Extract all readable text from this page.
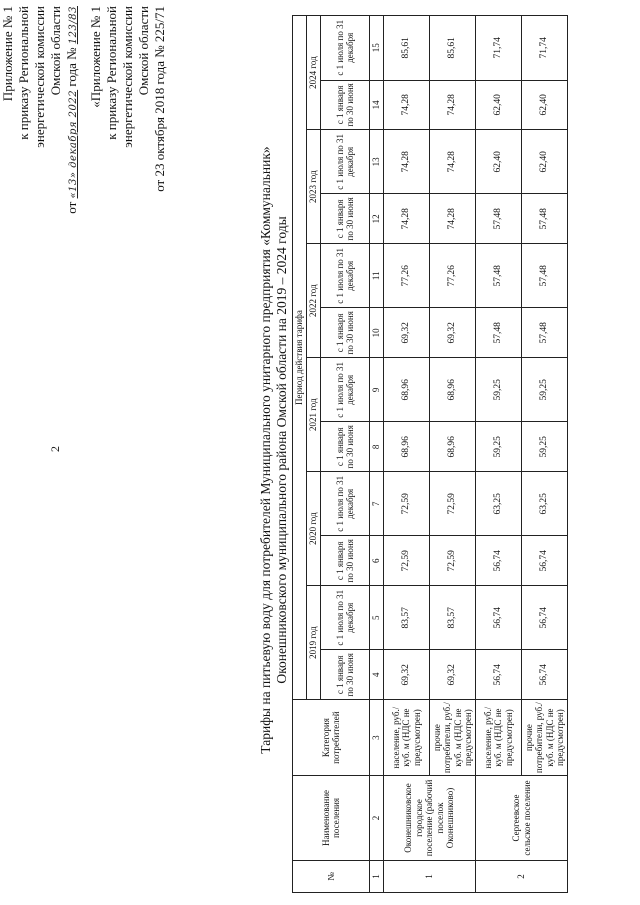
2
Приложение № 1 к приказу Региональной энергетической комиссии Омской области
от «13» декабря 2022 года № 123/83 «Приложение № 1 к приказу Региональной энергетической комиссии Омской области от 23 октября 2018 года № 225/71
Тарифы на питьевую воду для потребителей Муниципального унитарного предприятия «Коммунальник» Оконешниковского муниципального района Омской области на 2019 – 2024 годы
№	Наименование поселения	Категория потребителей	Период действия тарифа											
			2019 год		2020 год		2021 год		2022 год		2023 год		2024 год	
			с 1 января по 30 июня	с 1 июля по 31 декабря	с 1 января по 30 июня	с 1 июля по 31 декабря	с 1 января по 30 июня	с 1 июля по 31 декабря	с 1 января по 30 июня	с 1 июля по 31 декабря	с 1 января по 30 июня	с 1 июля по 31 декабря	с 1 января по 30 июня	с 1 июля по 31 декабря
1	2	3	4	5	6	7	8	9	10	11	12	13	14	15
1	Оконешниковское городское поселение (рабочий поселок Оконешниково)	население, руб./куб. м (НДС не предусмотрен)	69,32	83,57	72,59	72,59	68,96	68,96	69,32	77,26	74,28	74,28	74,28	85,61
		прочие потребители, руб./куб. м (НДС не предусмотрен)	69,32	83,57	72,59	72,59	68,96	68,96	69,32	77,26	74,28	74,28	74,28	85,61
2	Сергеевское сельское поселение	население, руб./куб. м (НДС не предусмотрен)	56,74	56,74	56,74	63,25	59,25	59,25	57,48	57,48	57,48	62,40	62,40	71,74
		прочие потребители, руб./куб. м (НДС не предусмотрен)	56,74	56,74	56,74	63,25	59,25	59,25	57,48	57,48	57,48	62,40	62,40	71,74
